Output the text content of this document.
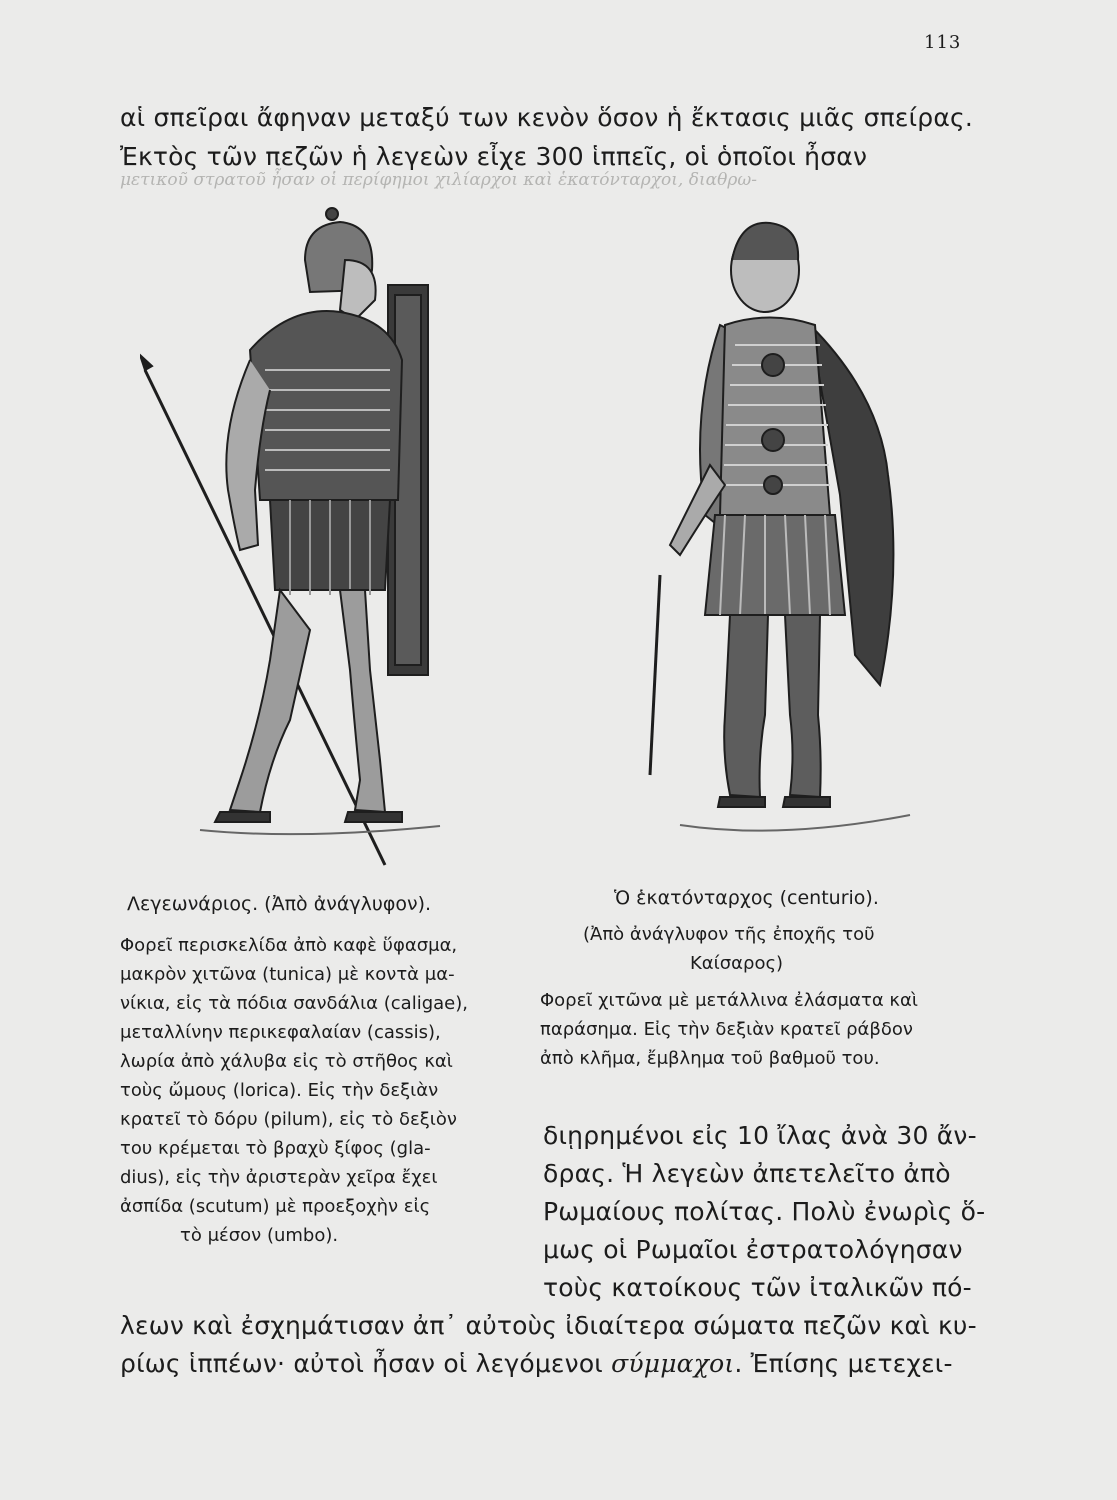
113
μετικοῦ στρατοῦ ἦσαν οἱ περίφημοι χιλίαρχοι καὶ ἑκατόνταρχοι, διαθρω-
αἱ σπεῖραι ἄφηναν μεταξύ των κενὸν ὅσον ἡ ἔκτασις μιᾶς σπείρας.
Ἐκτὸς τῶν πεζῶν ἡ λεγεὼν εἶχε 300 ἱππεῖς, οἱ ὁποῖοι ἦσαν
Λεγεωνάριος. (Ἀπὸ ἀνάγλυφον).
Φορεῖ περισκελίδα ἀπὸ καφὲ ὕφασμα,
μακρὸν χιτῶνα (tunica) μὲ κοντὰ μα-
νίκια, εἰς τὰ πόδια σανδάλια (caligae),
μεταλλίνην περικεφαλαίαν (cassis),
λωρία ἀπὸ χάλυβα εἰς τὸ στῆθος καὶ
τοὺς ὤμους (lorica). Εἰς τὴν δεξιὰν
κρατεῖ τὸ δόρυ (pilum), εἰς τὸ δεξιὸν
του κρέμεται τὸ βραχὺ ξίφος (gla-
dius), εἰς τὴν ἀριστερὰν χεῖρα ἔχει
ἀσπίδα (scutum) μὲ προεξοχὴν εἰς
τὸ μέσον (umbo).
Ὁ ἑκατόνταρχος (centurio).
(Ἀπὸ ἀνάγλυφον τῆς ἐποχῆς τοῦ
Καίσαρος)
Φορεῖ χιτῶνα μὲ μετάλλινα ἐλάσματα καὶ
παράσημα. Εἰς τὴν δεξιὰν κρατεῖ ράβδον
ἀπὸ κλῆμα, ἔμβλημα τοῦ βαθμοῦ του.
διῃρημένοι εἰς 10 ἴλας ἀνὰ 30 ἄν-
δρας. Ἡ λεγεὼν ἀπετελεῖτο ἀπὸ
Ρωμαίους πολίτας. Πολὺ ἐνωρὶς ὅ-
μως οἱ Ρωμαῖοι ἐστρατολόγησαν
τοὺς κατοίκους τῶν ἰταλικῶν πό-
λεων καὶ ἐσχημάτισαν ἀπ᾽ αὐτοὺς ἰδιαίτερα σώματα πεζῶν καὶ κυ-
ρίως ἱππέων· αὐτοὶ ἦσαν οἱ λεγόμενοι σύμμαχοι. Ἐπίσης μετεχει-
